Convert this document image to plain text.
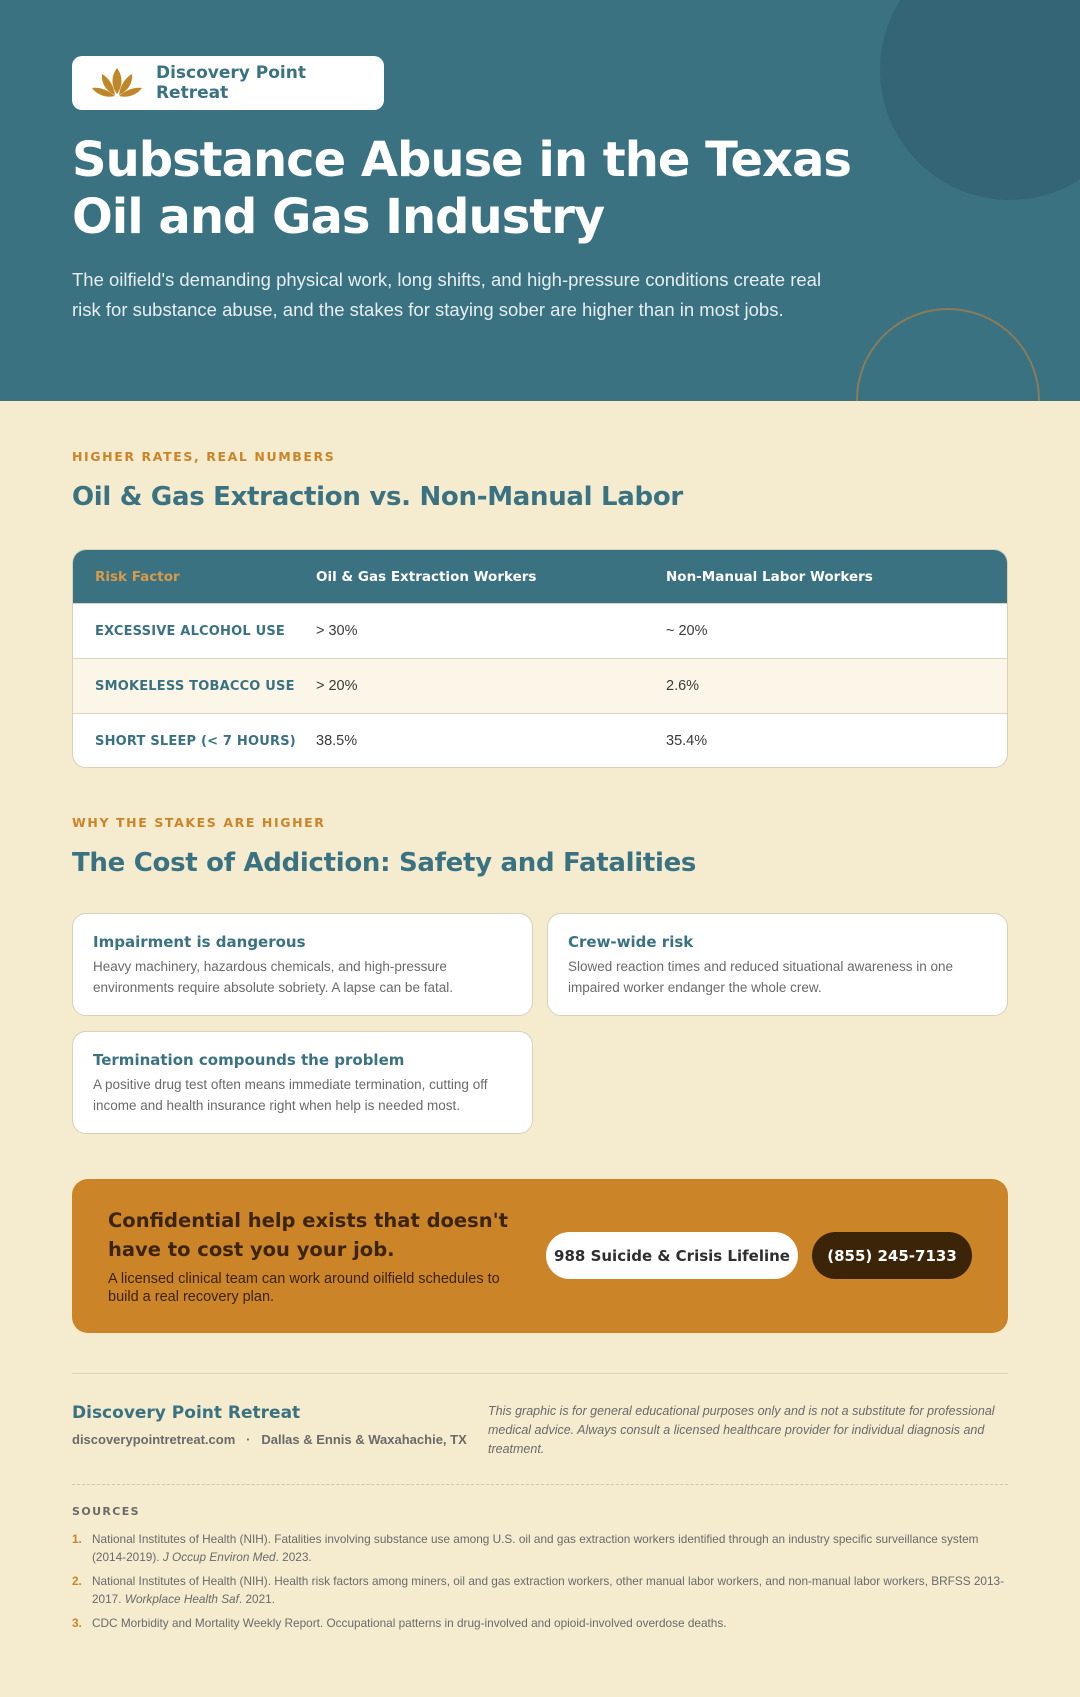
Discovery Point Retreat
Substance Abuse in the Texas Oil and Gas Industry

The oilfield's demanding physical work, long shifts, and high-pressure conditions create real risk for substance abuse, and the stakes for staying sober are higher than in most jobs.

HIGHER RATES, REAL NUMBERS
Oil & Gas Extraction vs. Non-Manual Labor
Risk Factor	Oil & Gas Extraction Workers	Non-Manual Labor Workers
EXCESSIVE ALCOHOL USE	> 30%	~ 20%
SMOKELESS TOBACCO USE	> 20%	2.6%
SHORT SLEEP (< 7 HOURS)	38.5%	35.4%
WHY THE STAKES ARE HIGHER
The Cost of Addiction: Safety and Fatalities
Impairment is dangerous
Heavy machinery, hazardous chemicals, and high-pressure environments require absolute sobriety. A lapse can be fatal.
Crew-wide risk
Slowed reaction times and reduced situational awareness in one impaired worker endanger the whole crew.
Termination compounds the problem
A positive drug test often means immediate termination, cutting off income and health insurance right when help is needed most.
Confidential help exists that doesn't have to cost you your job.
A licensed clinical team can work around oilfield schedules to build a real recovery plan.
988 Suicide & Crisis Lifeline	(855) 245-7133
Discovery Point Retreat
discoverypointretreat.com · Dallas & Ennis & Waxahachie, TX

This graphic is for general educational purposes only and is not a substitute for professional medical advice. Always consult a licensed healthcare provider for individual diagnosis and treatment.

SOURCES
1. National Institutes of Health (NIH). Fatalities involving substance use among U.S. oil and gas extraction workers identified through an industry specific surveillance system (2014-2019). J Occup Environ Med. 2023.
2. National Institutes of Health (NIH). Health risk factors among miners, oil and gas extraction workers, other manual labor workers, and non-manual labor workers, BRFSS 2013-2017. Workplace Health Saf. 2021.
3. CDC Morbidity and Mortality Weekly Report. Occupational patterns in drug-involved and opioid-involved overdose deaths.
